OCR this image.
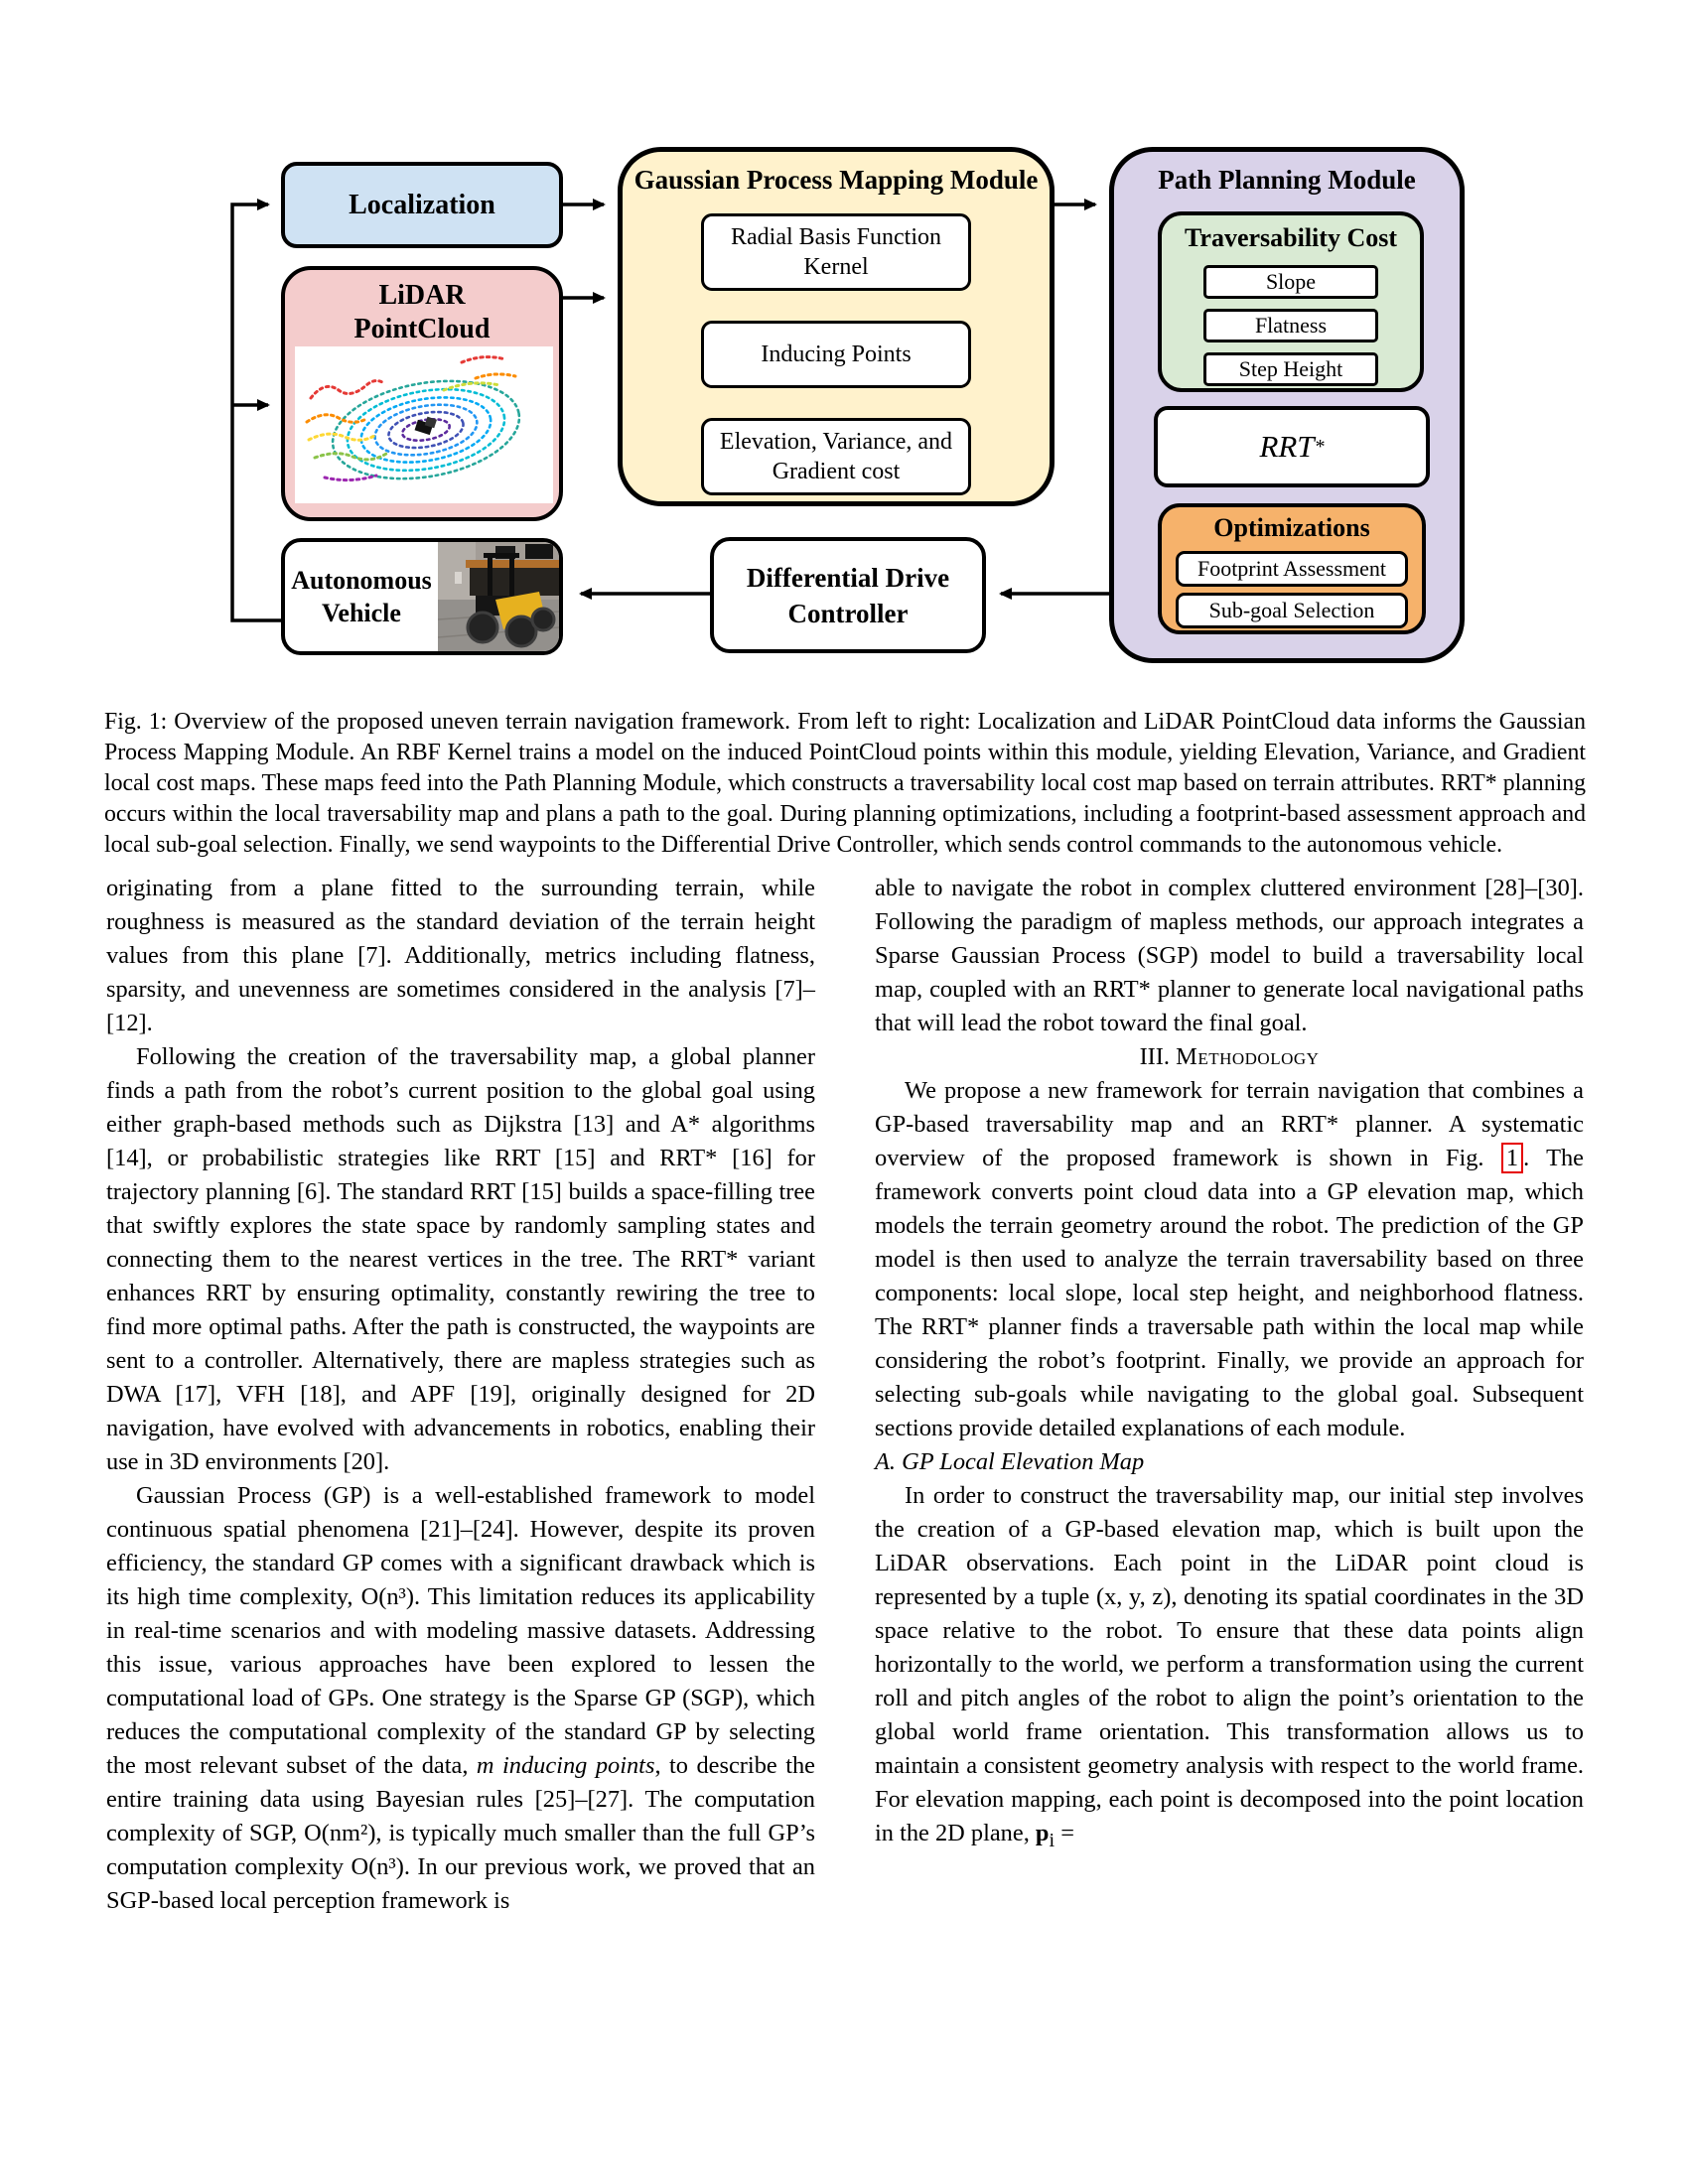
Localization
LiDAR
PointCloud
Autonomous
Vehicle
Gaussian Process Mapping Module
Radial Basis Function Kernel
Inducing Points
Elevation, Variance, and Gradient cost
Path Planning Module
Traversability Cost
Slope
Flatness
Step Height
RRT *
Optimizations
Footprint Assessment
Sub-goal Selection
Differential Drive
Controller

Fig. 1: Overview of the proposed uneven terrain navigation framework. From left to right: Localization and LiDAR PointCloud data informs the Gaussian Process Mapping Module. An RBF Kernel trains a model on the induced PointCloud points within this module, yielding Elevation, Variance, and Gradient local cost maps. These maps feed into the Path Planning Module, which constructs a traversability local cost map based on terrain attributes. RRT* planning occurs within the local traversability map and plans a path to the goal. During planning optimizations, including a footprint-based assessment approach and local sub-goal selection. Finally, we send waypoints to the Differential Drive Controller, which sends control commands to the autonomous vehicle.

originating from a plane fitted to the surrounding terrain, while roughness is measured as the standard deviation of the terrain height values from this plane [7]. Additionally, metrics including flatness, sparsity, and unevenness are sometimes considered in the analysis [7]–[12].

Following the creation of the traversability map, a global planner finds a path from the robot’s current position to the global goal using either graph-based methods such as Dijkstra [13] and A* algorithms [14], or probabilistic strategies like RRT [15] and RRT* [16] for trajectory planning [6]. The standard RRT [15] builds a space-filling tree that swiftly explores the state space by randomly sampling states and connecting them to the nearest vertices in the tree. The RRT* variant enhances RRT by ensuring optimality, constantly rewiring the tree to find more optimal paths. After the path is constructed, the waypoints are sent to a controller. Alternatively, there are mapless strategies such as DWA [17], VFH [18], and APF [19], originally designed for 2D navigation, have evolved with advancements in robotics, enabling their use in 3D environments [20].

Gaussian Process (GP) is a well-established framework to model continuous spatial phenomena [21]–[24]. However, despite its proven efficiency, the standard GP comes with a significant drawback which is its high time complexity, O(n³). This limitation reduces its applicability in real-time scenarios and with modeling massive datasets. Addressing this issue, various approaches have been explored to lessen the computational load of GPs. One strategy is the Sparse GP (SGP), which reduces the computational complexity of the standard GP by selecting the most relevant subset of the data, m inducing points, to describe the entire training data using Bayesian rules [25]–[27]. The computation complexity of SGP, O(nm²), is typically much smaller than the full GP’s computation complexity O(n³). In our previous work, we proved that an SGP-based local perception framework is

able to navigate the robot in complex cluttered environment [28]–[30]. Following the paradigm of mapless methods, our approach integrates a Sparse Gaussian Process (SGP) model to build a traversability local map, coupled with an RRT* planner to generate local navigational paths that will lead the robot toward the final goal.

III. Methodology

We propose a new framework for terrain navigation that combines a GP-based traversability map and an RRT* planner. A systematic overview of the proposed framework is shown in Fig. 1 . The framework converts point cloud data into a GP elevation map, which models the terrain geometry around the robot. The prediction of the GP model is then used to analyze the terrain traversability based on three components: local slope, local step height, and neighborhood flatness. The RRT* planner finds a traversable path within the local map while considering the robot’s footprint. Finally, we provide an approach for selecting sub-goals while navigating to the global goal. Subsequent sections provide detailed explanations of each module.

A. GP Local Elevation Map

In order to construct the traversability map, our initial step involves the creation of a GP-based elevation map, which is built upon the LiDAR observations. Each point in the LiDAR point cloud is represented by a tuple (x, y, z), denoting its spatial coordinates in the 3D space relative to the robot. To ensure that these data points align horizontally to the world, we perform a transformation using the current roll and pitch angles of the robot to align the point’s orientation to the global world frame orientation. This transformation allows us to maintain a consistent geometry analysis with respect to the world frame. For elevation mapping, each point is decomposed into the point location in the 2D plane, $p_i$ =
